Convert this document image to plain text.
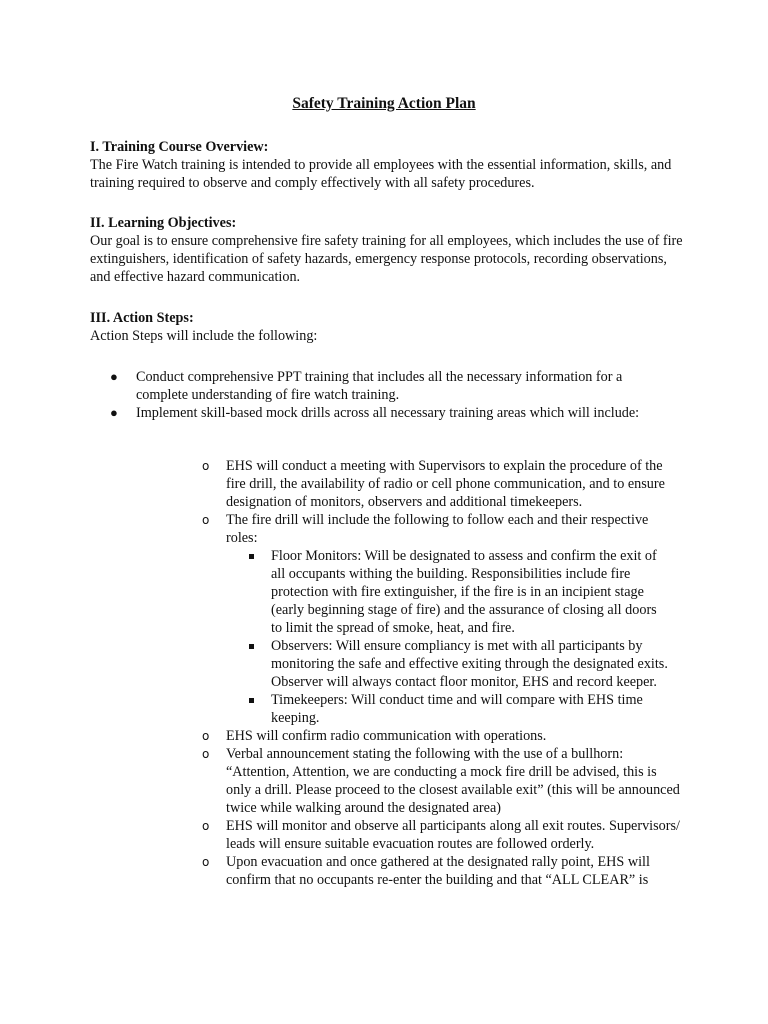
Safety Training Action Plan
I. Training Course Overview:
The Fire Watch training is intended to provide all employees with the essential information, skills, and training required to observe and comply effectively with all safety procedures.
II. Learning Objectives:
Our goal is to ensure comprehensive fire safety training for all employees, which includes the use of fire extinguishers, identification of safety hazards, emergency response protocols, recording observations, and effective hazard communication.
III. Action Steps:
Action Steps will include the following:
● Conduct comprehensive PPT training that includes all the necessary information for a complete understanding of fire watch training.
● Implement skill-based mock drills across all necessary training areas which will include:
o EHS will conduct a meeting with Supervisors to explain the procedure of the fire drill, the availability of radio or cell phone communication, and to ensure designation of monitors, observers and additional timekeepers.
o The fire drill will include the following to follow each and their respective roles:
Floor Monitors: Will be designated to assess and confirm the exit of all occupants withing the building. Responsibilities include fire protection with fire extinguisher, if the fire is in an incipient stage (early beginning stage of fire) and the assurance of closing all doors to limit the spread of smoke, heat, and fire.
Observers: Will ensure compliancy is met with all participants by monitoring the safe and effective exiting through the designated exits. Observer will always contact floor monitor, EHS and record keeper.
Timekeepers: Will conduct time and will compare with EHS time keeping.
o EHS will confirm radio communication with operations.
o Verbal announcement stating the following with the use of a bullhorn: “Attention, Attention, we are conducting a mock fire drill be advised, this is only a drill. Please proceed to the closest available exit” (this will be announced twice while walking around the designated area)
o EHS will monitor and observe all participants along all exit routes. Supervisors/ leads will ensure suitable evacuation routes are followed orderly.
o Upon evacuation and once gathered at the designated rally point, EHS will confirm that no occupants re-enter the building and that “ALL CLEAR” is
